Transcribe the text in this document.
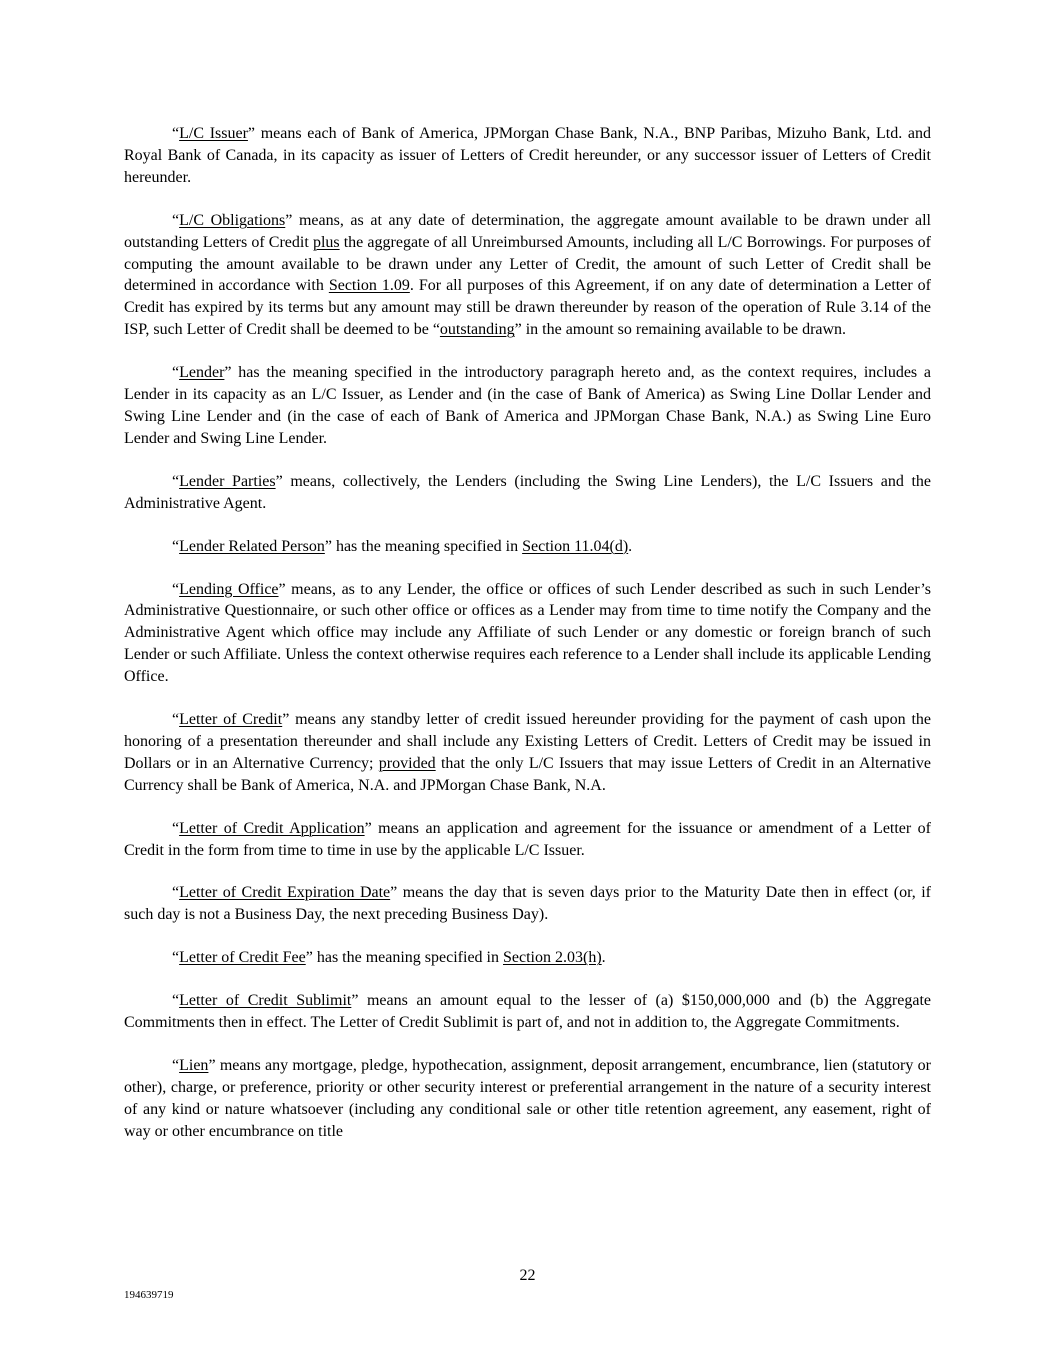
“L/C Issuer” means each of Bank of America, JPMorgan Chase Bank, N.A., BNP Paribas, Mizuho Bank, Ltd. and Royal Bank of Canada, in its capacity as issuer of Letters of Credit hereunder, or any successor issuer of Letters of Credit hereunder.

“L/C Obligations” means, as at any date of determination, the aggregate amount available to be drawn under all outstanding Letters of Credit plus the aggregate of all Unreimbursed Amounts, including all L/C Borrowings. For purposes of computing the amount available to be drawn under any Letter of Credit, the amount of such Letter of Credit shall be determined in accordance with Section 1.09. For all purposes of this Agreement, if on any date of determination a Letter of Credit has expired by its terms but any amount may still be drawn thereunder by reason of the operation of Rule 3.14 of the ISP, such Letter of Credit shall be deemed to be “outstanding” in the amount so remaining available to be drawn.

“Lender” has the meaning specified in the introductory paragraph hereto and, as the context requires, includes a Lender in its capacity as an L/C Issuer, as Lender and (in the case of Bank of America) as Swing Line Dollar Lender and Swing Line Lender and (in the case of each of Bank of America and JPMorgan Chase Bank, N.A.) as Swing Line Euro Lender and Swing Line Lender.

“Lender Parties” means, collectively, the Lenders (including the Swing Line Lenders), the L/C Issuers and the Administrative Agent.

“Lender Related Person” has the meaning specified in Section 11.04(d).

“Lending Office” means, as to any Lender, the office or offices of such Lender described as such in such Lender’s Administrative Questionnaire, or such other office or offices as a Lender may from time to time notify the Company and the Administrative Agent which office may include any Affiliate of such Lender or any domestic or foreign branch of such Lender or such Affiliate. Unless the context otherwise requires each reference to a Lender shall include its applicable Lending Office.

“Letter of Credit” means any standby letter of credit issued hereunder providing for the payment of cash upon the honoring of a presentation thereunder and shall include any Existing Letters of Credit. Letters of Credit may be issued in Dollars or in an Alternative Currency; provided that the only L/C Issuers that may issue Letters of Credit in an Alternative Currency shall be Bank of America, N.A. and JPMorgan Chase Bank, N.A.

“Letter of Credit Application” means an application and agreement for the issuance or amendment of a Letter of Credit in the form from time to time in use by the applicable L/C Issuer.

“Letter of Credit Expiration Date” means the day that is seven days prior to the Maturity Date then in effect (or, if such day is not a Business Day, the next preceding Business Day).

“Letter of Credit Fee” has the meaning specified in Section 2.03(h).

“Letter of Credit Sublimit” means an amount equal to the lesser of (a) $150,000,000 and (b) the Aggregate Commitments then in effect. The Letter of Credit Sublimit is part of, and not in addition to, the Aggregate Commitments.

“Lien” means any mortgage, pledge, hypothecation, assignment, deposit arrangement, encumbrance, lien (statutory or other), charge, or preference, priority or other security interest or preferential arrangement in the nature of a security interest of any kind or nature whatsoever (including any conditional sale or other title retention agreement, any easement, right of way or other encumbrance on title

22

194639719
